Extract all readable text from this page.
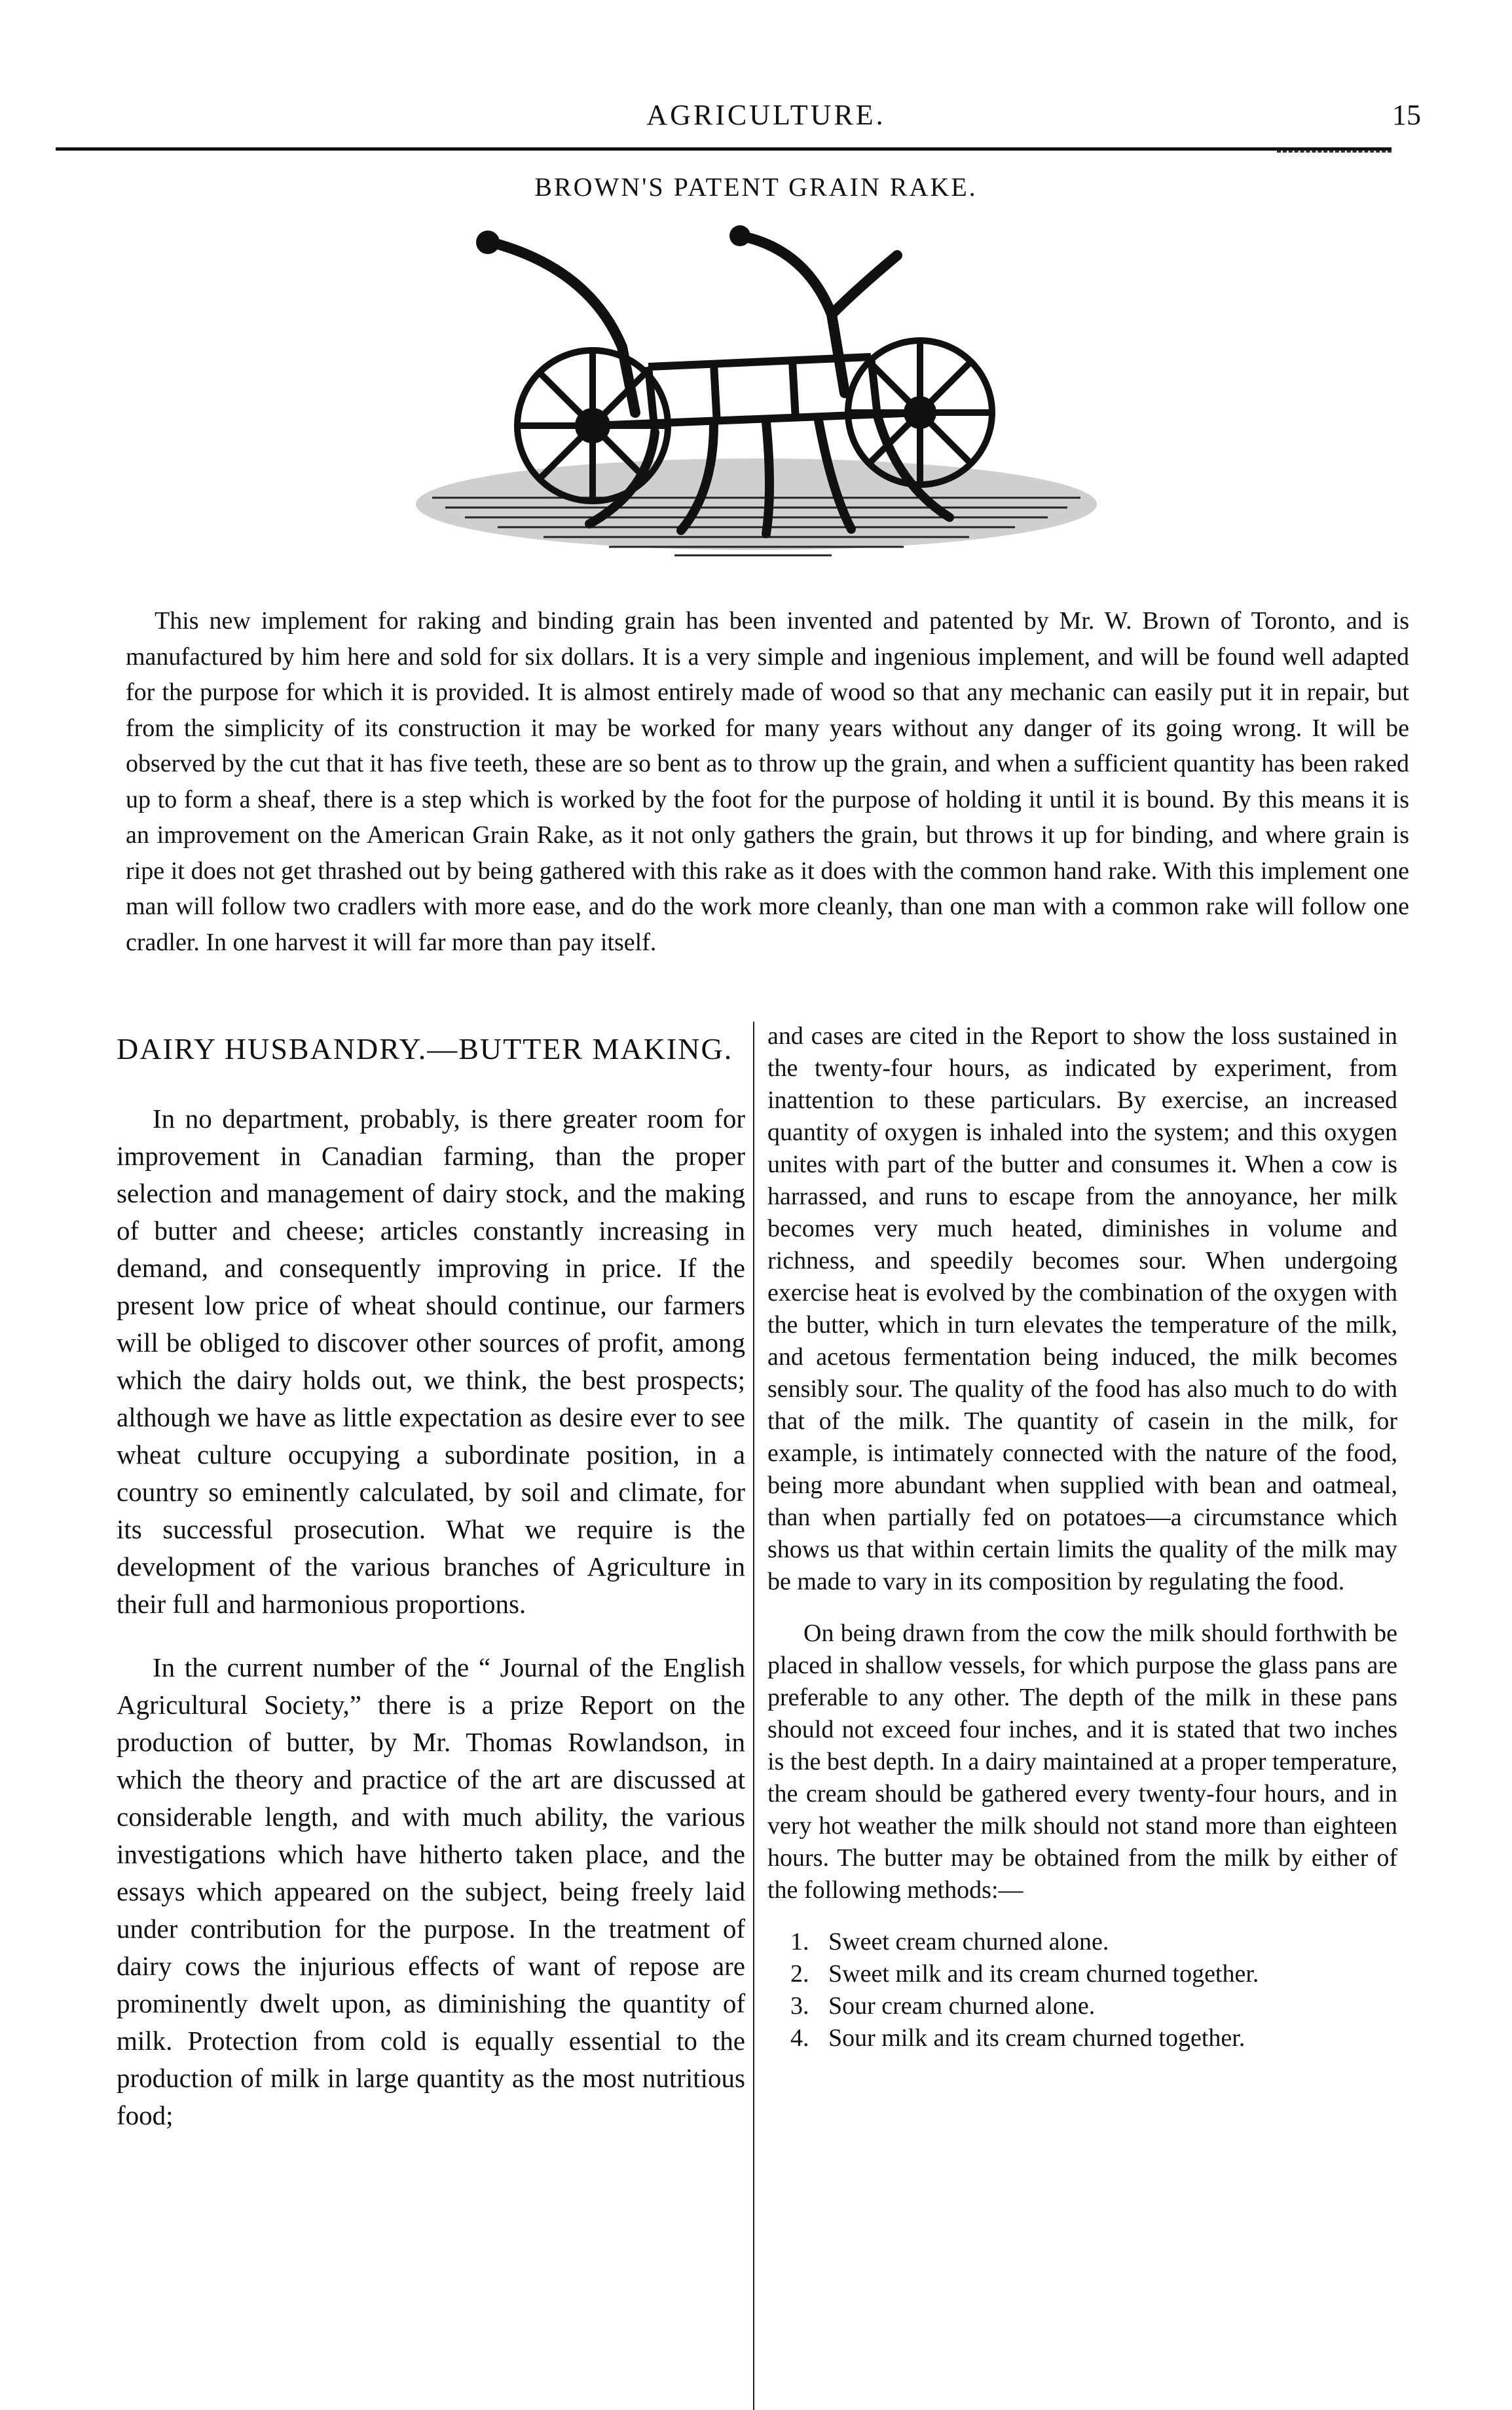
AGRICULTURE.	15
BROWN'S PATENT GRAIN RAKE.

This new implement for raking and binding grain has been invented and patented by Mr. W. Brown of Toronto, and is manufactured by him here and sold for six dollars. It is a very simple and ingenious implement, and will be found well adapted for the purpose for which it is provided. It is almost entirely made of wood so that any mechanic can easily put it in repair, but from the simplicity of its construction it may be worked for many years without any danger of its going wrong. It will be observed by the cut that it has five teeth, these are so bent as to throw up the grain, and when a sufficient quantity has been raked up to form a sheaf, there is a step which is worked by the foot for the purpose of holding it until it is bound. By this means it is an improvement on the American Grain Rake, as it not only gathers the grain, but throws it up for binding, and where grain is ripe it does not get thrashed out by being gathered with this rake as it does with the common hand rake. With this implement one man will follow two cradlers with more ease, and do the work more cleanly, than one man with a common rake will follow one cradler. In one harvest it will far more than pay itself.

DAIRY HUSBANDRY.—BUTTER MAKING.

In no department, probably, is there greater room for improvement in Canadian farming, than the proper selection and management of dairy stock, and the making of butter and cheese; articles constantly increasing in demand, and consequently improving in price. If the present low price of wheat should continue, our farmers will be obliged to discover other sources of profit, among which the dairy holds out, we think, the best prospects; although we have as little expectation as desire ever to see wheat culture occupying a subordinate position, in a country so eminently calculated, by soil and climate, for its successful prosecution. What we require is the development of the various branches of Agriculture in their full and harmonious proportions.

In the current number of the “ Journal of the English Agricultural Society,” there is a prize Report on the production of butter, by Mr. Thomas Rowlandson, in which the theory and practice of the art are discussed at considerable length, and with much ability, the various investigations which have hitherto taken place, and the essays which appeared on the subject, being freely laid under contribution for the purpose. In the treatment of dairy cows the injurious effects of want of repose are prominently dwelt upon, as diminishing the quantity of milk. Protection from cold is equally essential to the production of milk in large quantity as the most nutritious food;

and cases are cited in the Report to show the loss sustained in the twenty-four hours, as indicated by experiment, from inattention to these particulars. By exercise, an increased quantity of oxygen is inhaled into the system; and this oxygen unites with part of the butter and consumes it. When a cow is harrassed, and runs to escape from the annoyance, her milk becomes very much heated, diminishes in volume and richness, and speedily becomes sour. When undergoing exercise heat is evolved by the combination of the oxygen with the butter, which in turn elevates the temperature of the milk, and acetous fermentation being induced, the milk becomes sensibly sour. The quality of the food has also much to do with that of the milk. The quantity of casein in the milk, for example, is intimately connected with the nature of the food, being more abundant when supplied with bean and oatmeal, than when partially fed on potatoes—a circumstance which shows us that within certain limits the quality of the milk may be made to vary in its composition by regulating the food.

On being drawn from the cow the milk should forthwith be placed in shallow vessels, for which purpose the glass pans are preferable to any other. The depth of the milk in these pans should not exceed four inches, and it is stated that two inches is the best depth. In a dairy maintained at a proper temperature, the cream should be gathered every twenty-four hours, and in very hot weather the milk should not stand more than eighteen hours. The butter may be obtained from the milk by either of the following methods:—

1. Sweet cream churned alone.
2. Sweet milk and its cream churned together.
3. Sour cream churned alone.
4. Sour milk and its cream churned together.
